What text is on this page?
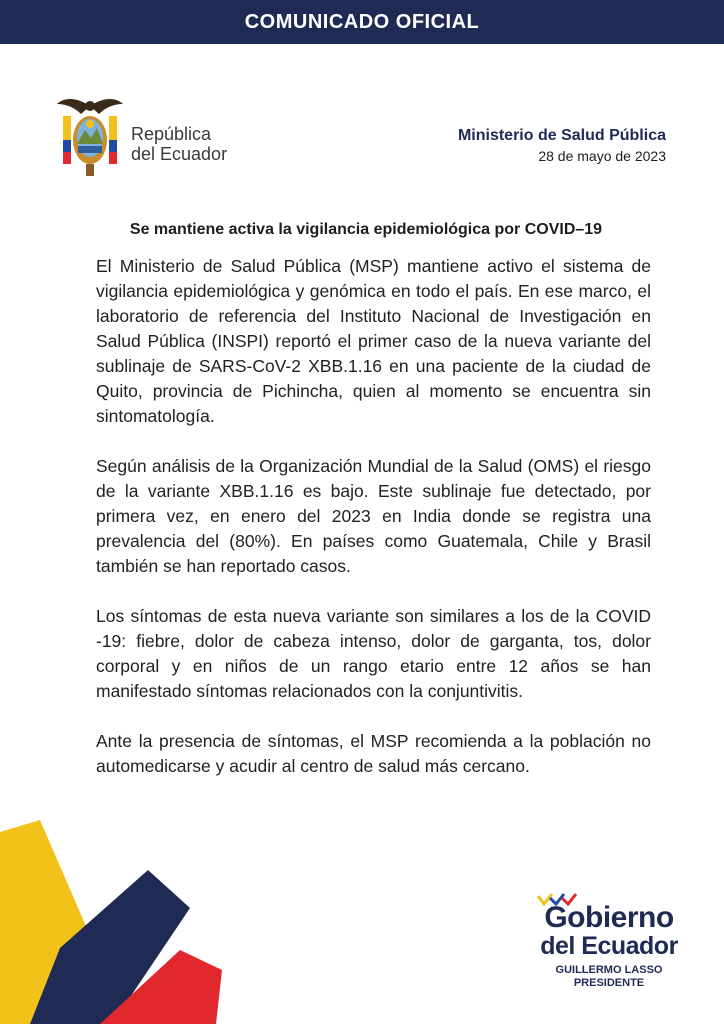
COMUNICADO OFICIAL
República
del Ecuador
Ministerio de Salud Pública
28 de mayo de 2023
Se mantiene activa la vigilancia epidemiológica por COVID–19

El Ministerio de Salud Pública (MSP) mantiene activo el sistema de vigilancia epidemiológica y genómica en todo el país. En ese marco, el laboratorio de referencia del Instituto Nacional de Investigación en Salud Pública (INSPI) reportó el primer caso de la nueva variante del sublinaje de SARS-CoV-2 XBB.1.16 en una paciente de la ciudad de Quito, provincia de Pichincha, quien al momento se encuentra sin sintomatología.

Según análisis de la Organización Mundial de la Salud (OMS) el riesgo de la variante XBB.1.16 es bajo. Este sublinaje fue detectado, por primera vez, en enero del 2023 en India donde se registra una prevalencia del (80%). En países como Guatemala, Chile y Brasil también se han reportado casos.

Los síntomas de esta nueva variante son similares a los de la COVID -19: fiebre, dolor de cabeza intenso, dolor de garganta, tos, dolor corporal y en niños de un rango etario entre 12 años se han manifestado síntomas relacionados con la conjuntivitis.

Ante la presencia de síntomas, el MSP recomienda a la población no automedicarse y acudir al centro de salud más cercano.

Gobierno
del Ecuador
GUILLERMO LASSO
PRESIDENTE
